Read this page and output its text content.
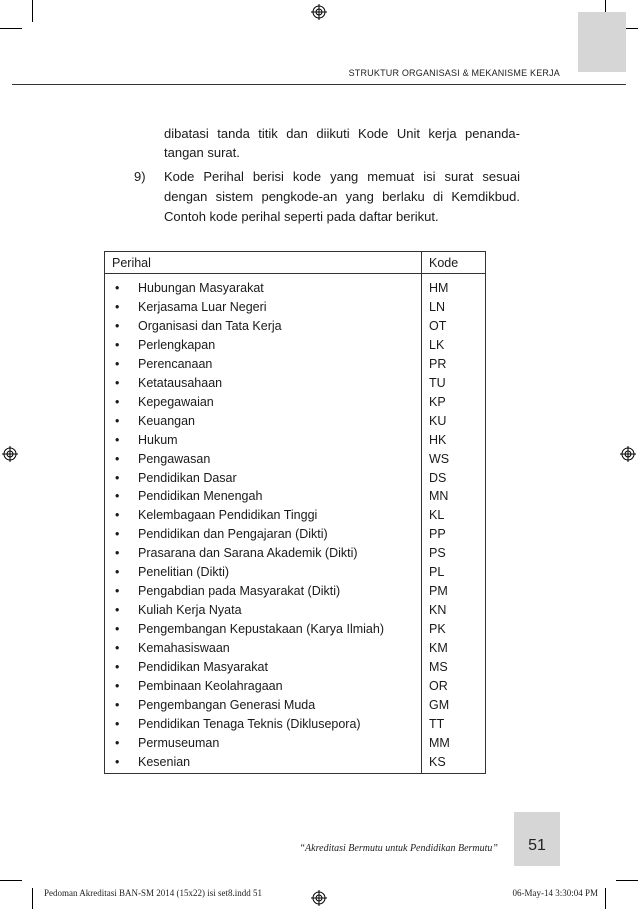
STRUKTUR ORGANISASI & MEKANISME KERJA
dibatasi tanda titik dan diikuti Kode Unit kerja penanda-
tangan surat.
9) Kode Perihal berisi kode yang memuat isi surat sesuai
dengan sistem pengkode-an yang berlaku di Kemdikbud.
Contoh kode perihal seperti pada daftar berikut.
Perihal	Kode
• Hubungan Masyarakat	HM
• Kerjasama Luar Negeri	LN
• Organisasi dan Tata Kerja	OT
• Perlengkapan	LK
• Perencanaan	PR
• Ketatausahaan	TU
• Kepegawaian	KP
• Keuangan	KU
• Hukum	HK
• Pengawasan	WS
• Pendidikan Dasar	DS
• Pendidikan Menengah	MN
• Kelembagaan Pendidikan Tinggi	KL
• Pendidikan dan Pengajaran (Dikti)	PP
• Prasarana dan Sarana Akademik (Dikti)	PS
• Penelitian (Dikti)	PL
• Pengabdian pada Masyarakat (Dikti)	PM
• Kuliah Kerja Nyata	KN
• Pengembangan Kepustakaan (Karya Ilmiah)	PK
• Kemahasiswaan	KM
• Pendidikan Masyarakat	MS
• Pembinaan Keolahragaan	OR
• Pengembangan Generasi Muda	GM
• Pendidikan Tenaga Teknis (Diklusepora)	TT
• Permuseuman	MM
• Kesenian	KS
“Akreditasi Bermutu untuk Pendidikan Bermutu”	51
Pedoman Akreditasi BAN-SM 2014 (15x22) isi set8.indd 51	06-May-14 3:30:04 PM
